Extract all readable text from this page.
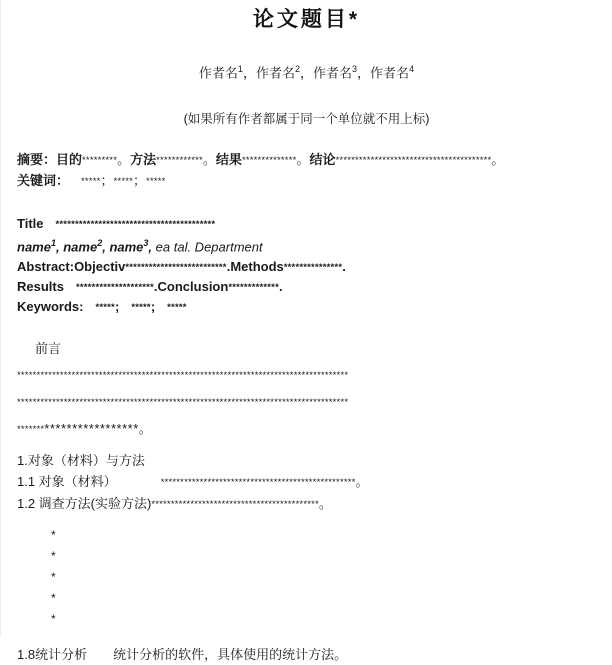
论文题目*
作者名$^1$，作者名$^2$，作者名$^3$，作者名$^4$
(如果所有作者都属于同一个单位就不用上标)
摘要：目的*********。方法************。结果**************。结论****************************************。
关键词： *****；*****；*****
Title *****************************************
name$^1$, name$^2$, name$^3$, ea tal. Department
Abstract:Objectiv**************************.Methods***************.
Results ********************.Conclusion*************.
Keywords: *****; *****; *****
前言
*************************************************************************************
*************************************************************************************
************************。
1.对象（材料）与方法
1.1 对象（材料）	**************************************************。
1.2 调查方法(实验方法)*******************************************。
*
*
*
*
*
1.8统计分析 统计分析的软件，具体使用的统计方法。
